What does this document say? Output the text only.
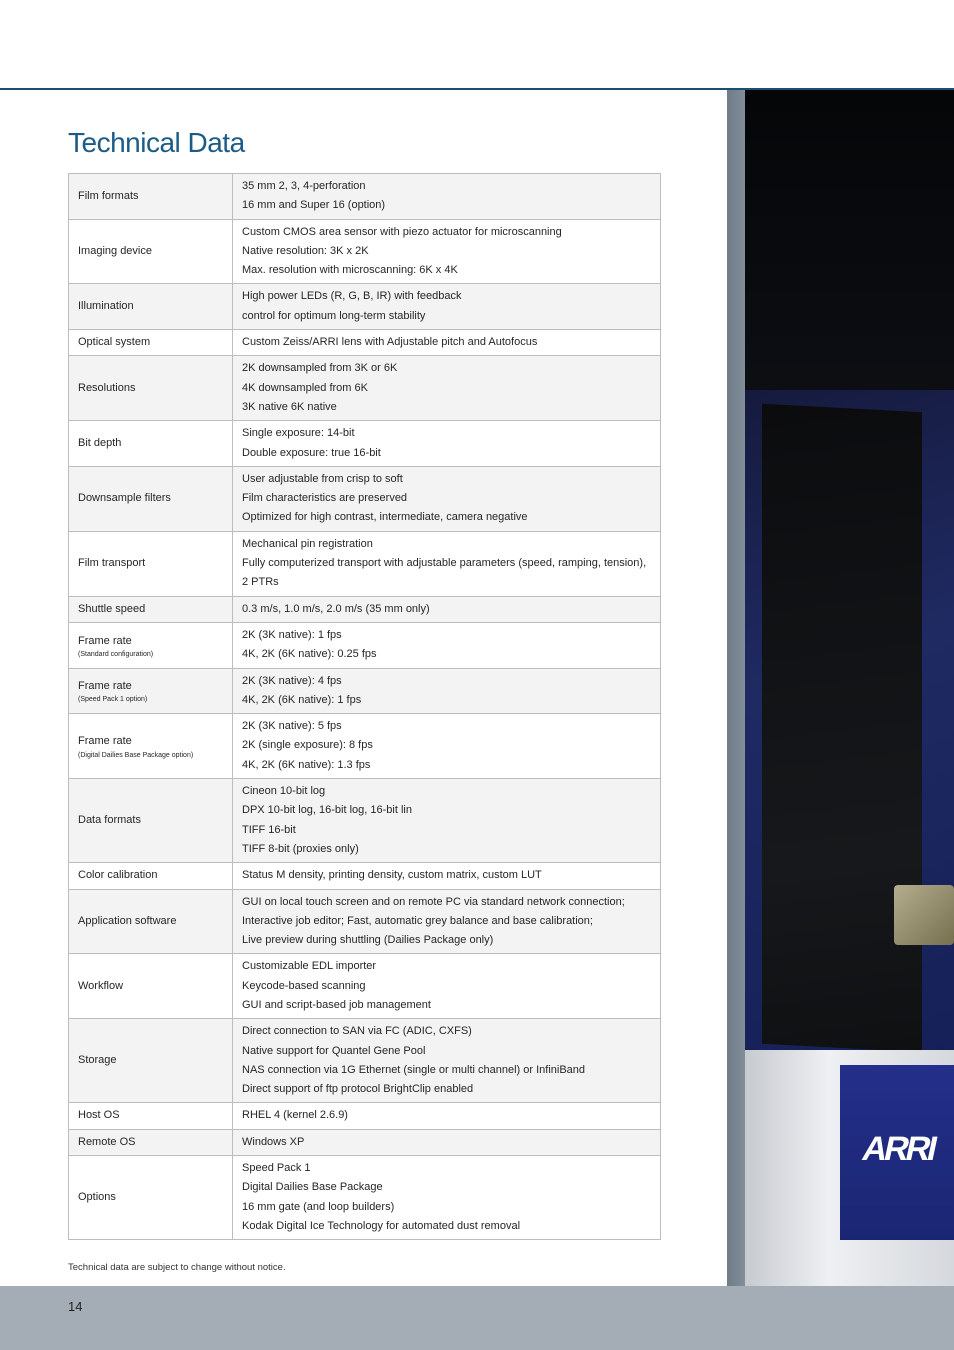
ARRI
Technical Data
Film formats	35 mm 2, 3, 4-perforation
16 mm and Super 16 (option)

Imaging device	Custom CMOS area sensor with piezo actuator for microscanning
Native resolution: 3K x 2K
Max. resolution with microscanning: 6K x 4K

Illumination	High power LEDs (R, G, B, IR) with feedback
control for optimum long-term stability

Optical system	Custom Zeiss/ARRI lens with Adjustable pitch and Autofocus

Resolutions	2K downsampled from 3K or 6K
4K downsampled from 6K
3K native 6K native

Bit depth	Single exposure: 14-bit
Double exposure: true 16-bit

Downsample filters	User adjustable from crisp to soft
Film characteristics are preserved
Optimized for high contrast, intermediate, camera negative

Film transport	Mechanical pin registration
Fully computerized transport with adjustable parameters (speed, ramping, tension), 2 PTRs

Shuttle speed	0.3 m/s, 1.0 m/s, 2.0 m/s (35 mm only)

Frame rate
(Standard configuration)	2K (3K native): 1 fps
4K, 2K (6K native): 0.25 fps

Frame rate
(Speed Pack 1 option)	2K (3K native): 4 fps
4K, 2K (6K native): 1 fps

Frame rate
(Digital Dailies Base Package option)	2K (3K native): 5 fps
2K (single exposure): 8 fps
4K, 2K (6K native): 1.3 fps

Data formats	Cineon 10-bit log
DPX 10-bit log, 16-bit log, 16-bit lin
TIFF 16-bit
TIFF 8-bit (proxies only)

Color calibration	Status M density, printing density, custom matrix, custom LUT

Application software	GUI on local touch screen and on remote PC via standard network connection;
Interactive job editor; Fast, automatic grey balance and base calibration;
Live preview during shuttling (Dailies Package only)

Workflow	Customizable EDL importer
Keycode-based scanning
GUI and script-based job management

Storage	Direct connection to SAN via FC (ADIC, CXFS)
Native support for Quantel Gene Pool
NAS connection via 1G Ethernet (single or multi channel) or InfiniBand
Direct support of ftp protocol BrightClip enabled

Host OS	RHEL 4 (kernel 2.6.9)

Remote OS	Windows XP

Options	Speed Pack 1
Digital Dailies Base Package
16 mm gate (and loop builders)
Kodak Digital Ice Technology for automated dust removal
Technical data are subject to change without notice.
14
